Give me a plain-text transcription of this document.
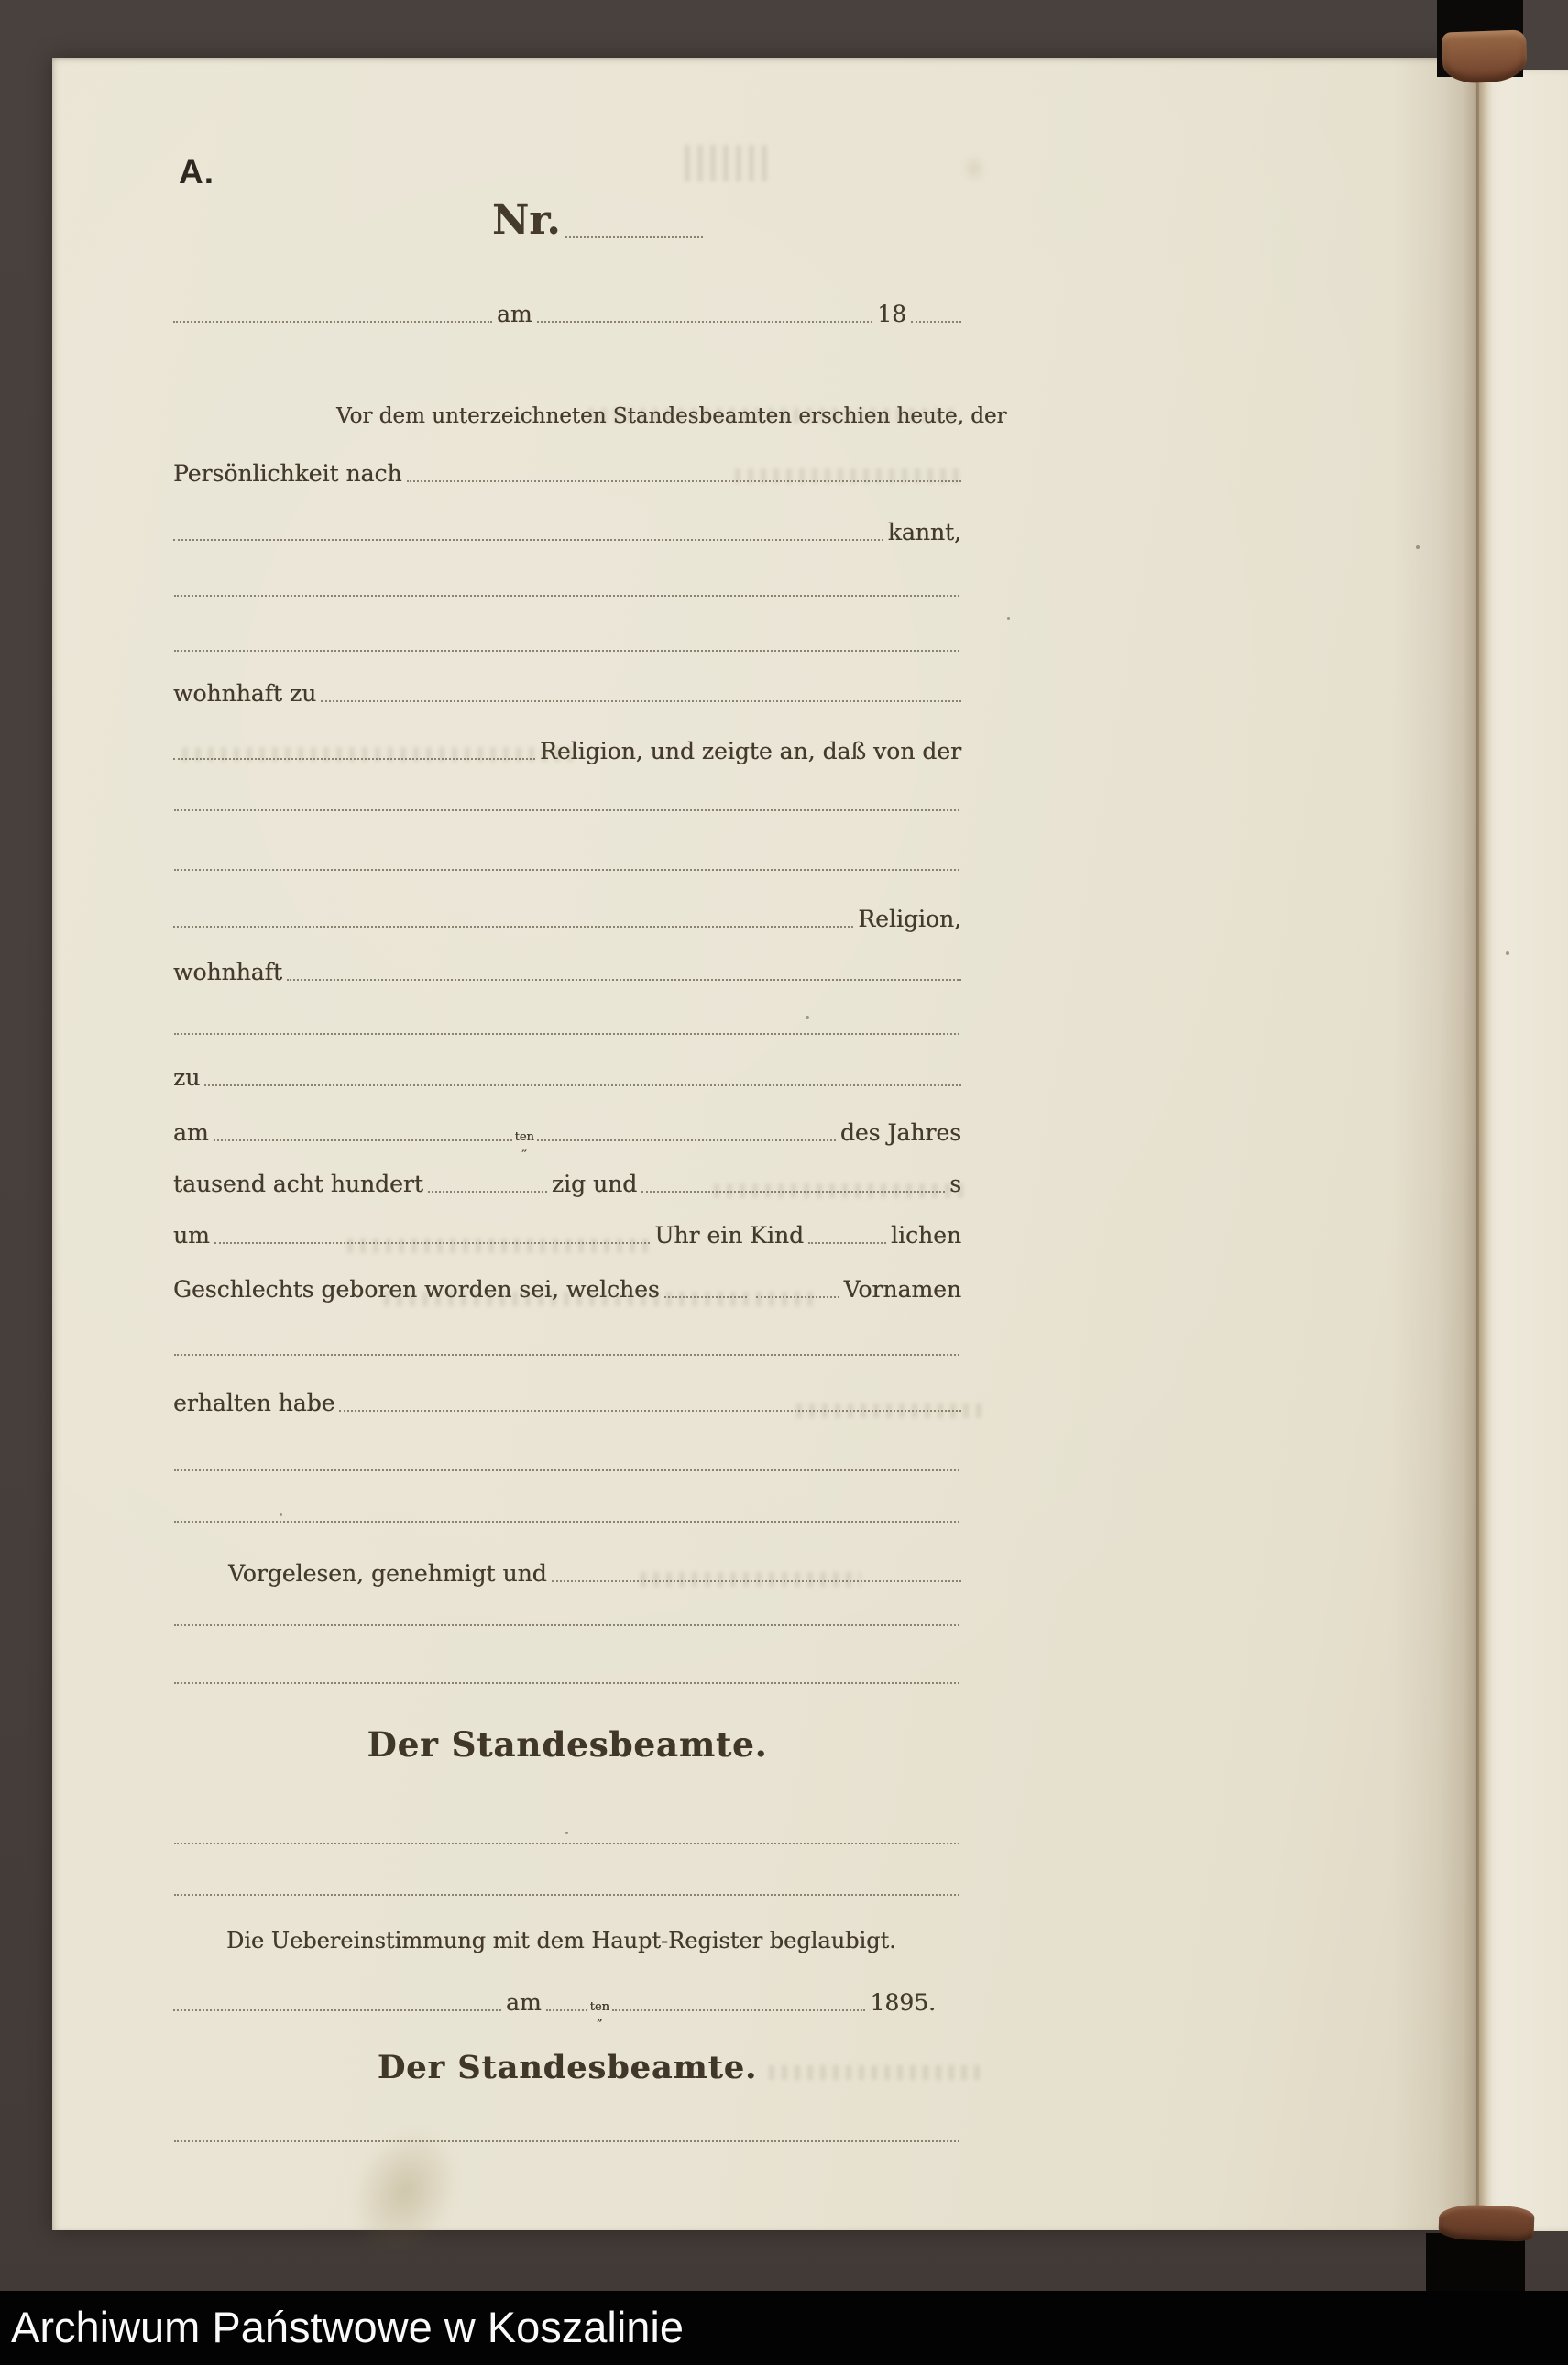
A.
Nr.
am	18
Vor dem unterzeichneten Standesbeamten erschien heute, der
Persönlichkeit nach
kannt,
wohnhaft zu
Religion, und zeigte an, daß von der
Religion,
wohnhaft
zu
am	ten
„
des Jahres
tausend acht hundert	zig und	s
um	Uhr ein Kind	lichen
Geschlechts geboren worden sei, welches	Vornamen
erhalten habe
Vorgelesen, genehmigt und
Der Standesbeamte.
Die Uebereinstimmung mit dem Haupt-Register beglaubigt.
am	ten
„
1895.
Der Standesbeamte.
Archiwum Państwowe w Koszalinie
